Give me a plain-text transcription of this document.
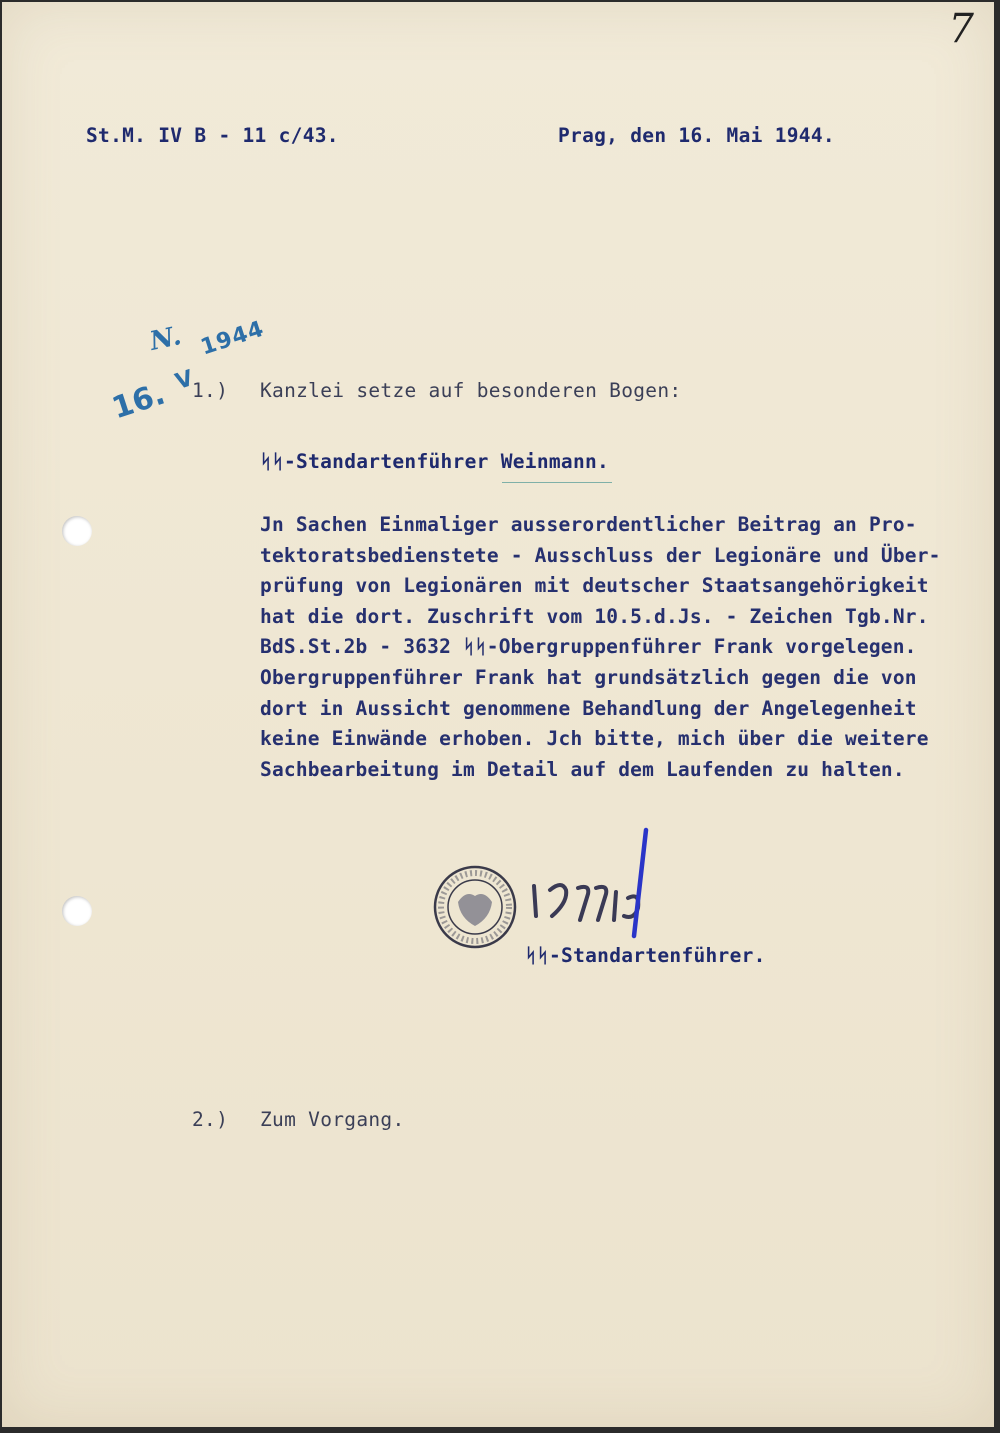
7
St.M. IV B - 11 c/43.	Prag, den 16. Mai 1944.
N. 1944
V
16. 1.) Kanzlei setze auf besonderen Bogen:
ᛋᛋ-Standartenführer Weinmann.
Jn Sachen Einmaliger ausserordentlicher Beitrag an Pro-
tektoratsbedienstete - Ausschluss der Legionäre und Über-
prüfung von Legionären mit deutscher Staatsangehörigkeit
hat die dort. Zuschrift vom 10.5.d.Js. - Zeichen Tgb.Nr.
BdS.St.2b - 3632 ᛋᛋ-Obergruppenführer Frank vorgelegen.
Obergruppenführer Frank hat grundsätzlich gegen die von
dort in Aussicht genommene Behandlung der Angelegenheit
keine Einwände erhoben. Jch bitte, mich über die weitere
Sachbearbeitung im Detail auf dem Laufenden zu halten.
ᛋᛋ-Standartenführer.
2.) Zum Vorgang.
